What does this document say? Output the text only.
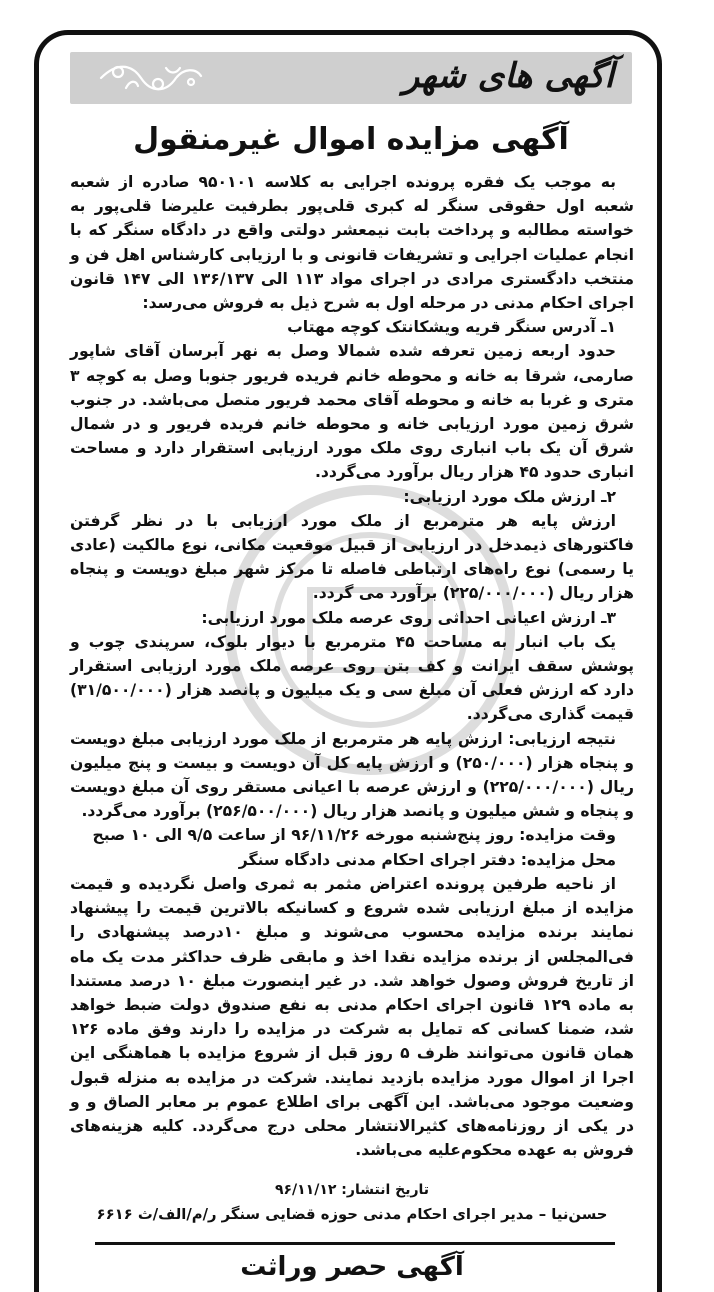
آگهی های شهر
آگهی مزایده اموال غیرمنقول

به موجب یک فقره پرونده اجرایی به کلاسه ۹۵۰۱۰۱ صادره از شعبه شعبه اول حقوقی سنگر له کبری قلی‌پور بطرفیت علیرضا قلی‌پور به خواسته مطالبه و پرداخت بابت نیمعشر دولتی واقع در دادگاه سنگر که با انجام عملیات اجرایی و تشریفات قانونی و با ارزیابی کارشناس اهل فن و منتخب دادگستری مرادی در اجرای مواد ۱۱۳ الی ۱۳۶/۱۳۷ الی ۱۴۷ قانون اجرای احکام مدنی در مرحله اول به شرح ذیل به فروش می‌رسد:

۱ـ آدرس سنگر قریه ویشکانتک کوچه مهتاب

حدود اربعه زمین تعرفه شده شمالا وصل به نهر آبرسان آقای شاپور صارمی، شرقا به خانه و محوطه خانم فریده فریور جنوبا وصل به کوچه ۳ متری و غربا به خانه و محوطه آقای محمد فریور متصل می‌باشد. در جنوب شرق زمین مورد ارزیابی خانه و محوطه خانم فریده فریور و در شمال شرق آن یک باب انباری روی ملک مورد ارزیابی استقرار دارد و مساحت انباری حدود ۴۵ هزار ریال برآورد می‌گردد.

۲ـ ارزش ملک مورد ارزیابی:

ارزش پایه هر مترمربع از ملک مورد ارزیابی با در نظر گرفتن فاکتورهای ذیمدخل در ارزیابی از قبیل موقعیت مکانی، نوع مالکیت (عادی یا رسمی) نوع راه‌های ارتباطی فاصله تا مرکز شهر مبلغ دویست و پنجاه هزار ریال (۲۲۵/۰۰۰/۰۰۰) برآورد می گردد.

۳ـ ارزش اعیانی احداثی روی عرصه ملک مورد ارزیابی:

یک باب انبار به مساحت ۴۵ مترمربع با دیوار بلوک، سرپندی چوب و پوشش سقف ایرانت و کف بتن روی عرصه ملک مورد ارزیابی استقرار دارد که ارزش فعلی آن مبلغ سی و یک میلیون و پانصد هزار (۳۱/۵۰۰/۰۰۰) قیمت گذاری می‌گردد.

نتیجه ارزیابی: ارزش پایه هر مترمربع از ملک مورد ارزیابی مبلغ دویست و پنجاه هزار (۲۵۰/۰۰۰) و ارزش پایه کل آن دویست و بیست و پنج میلیون ریال (۲۲۵/۰۰۰/۰۰۰) و ارزش عرصه با اعیانی مستقر روی آن مبلغ دویست و پنجاه و شش میلیون و پانصد هزار ریال (۲۵۶/۵۰۰/۰۰۰) برآورد می‌گردد.

وقت مزایده: روز پنج‌شنبه مورخه ۹۶/۱۱/۲۶ از ساعت ۹/۵ الی ۱۰ صبح

محل مزایده: دفتر اجرای احکام مدنی دادگاه سنگر

از ناحیه طرفین پرونده اعتراض مثمر به ثمری واصل نگردیده و قیمت مزایده از مبلغ ارزیابی شده شروع و کسانیکه بالاترین قیمت را پیشنهاد نمایند برنده مزایده محسوب می‌شوند و مبلغ ۱۰درصد پیشنهادی را فی‌المجلس از برنده مزایده نقدا اخذ و مابقی ظرف حداکثر مدت یک ماه از تاریخ فروش وصول خواهد شد. در غیر اینصورت مبلغ ۱۰ درصد مستندا به ماده ۱۲۹ قانون اجرای احکام مدنی به نفع صندوق دولت ضبط خواهد شد، ضمنا کسانی که تمایل به شرکت در مزایده را دارند وفق ماده ۱۲۶ همان قانون می‌توانند ظرف ۵ روز قبل از شروع مزایده با هماهنگی این اجرا از اموال مورد مزایده بازدید نمایند. شرکت در مزایده به منزله قبول وضعیت موجود می‌باشد. این آگهی برای اطلاع عموم بر معابر الصاق و و در یکی از روزنامه‌های کثیرالانتشار محلی درج می‌گردد. کلیه هزینه‌های فروش به عهده محکوم‌علیه می‌باشد.

تاریخ انتشار: ۹۶/۱۱/۱۲
حسن‌نیا – مدیر اجرای احکام مدنی حوزه قضایی سنگر ر/م/الف/ث ۶۶۱۶
آگهی حصر وراثت
